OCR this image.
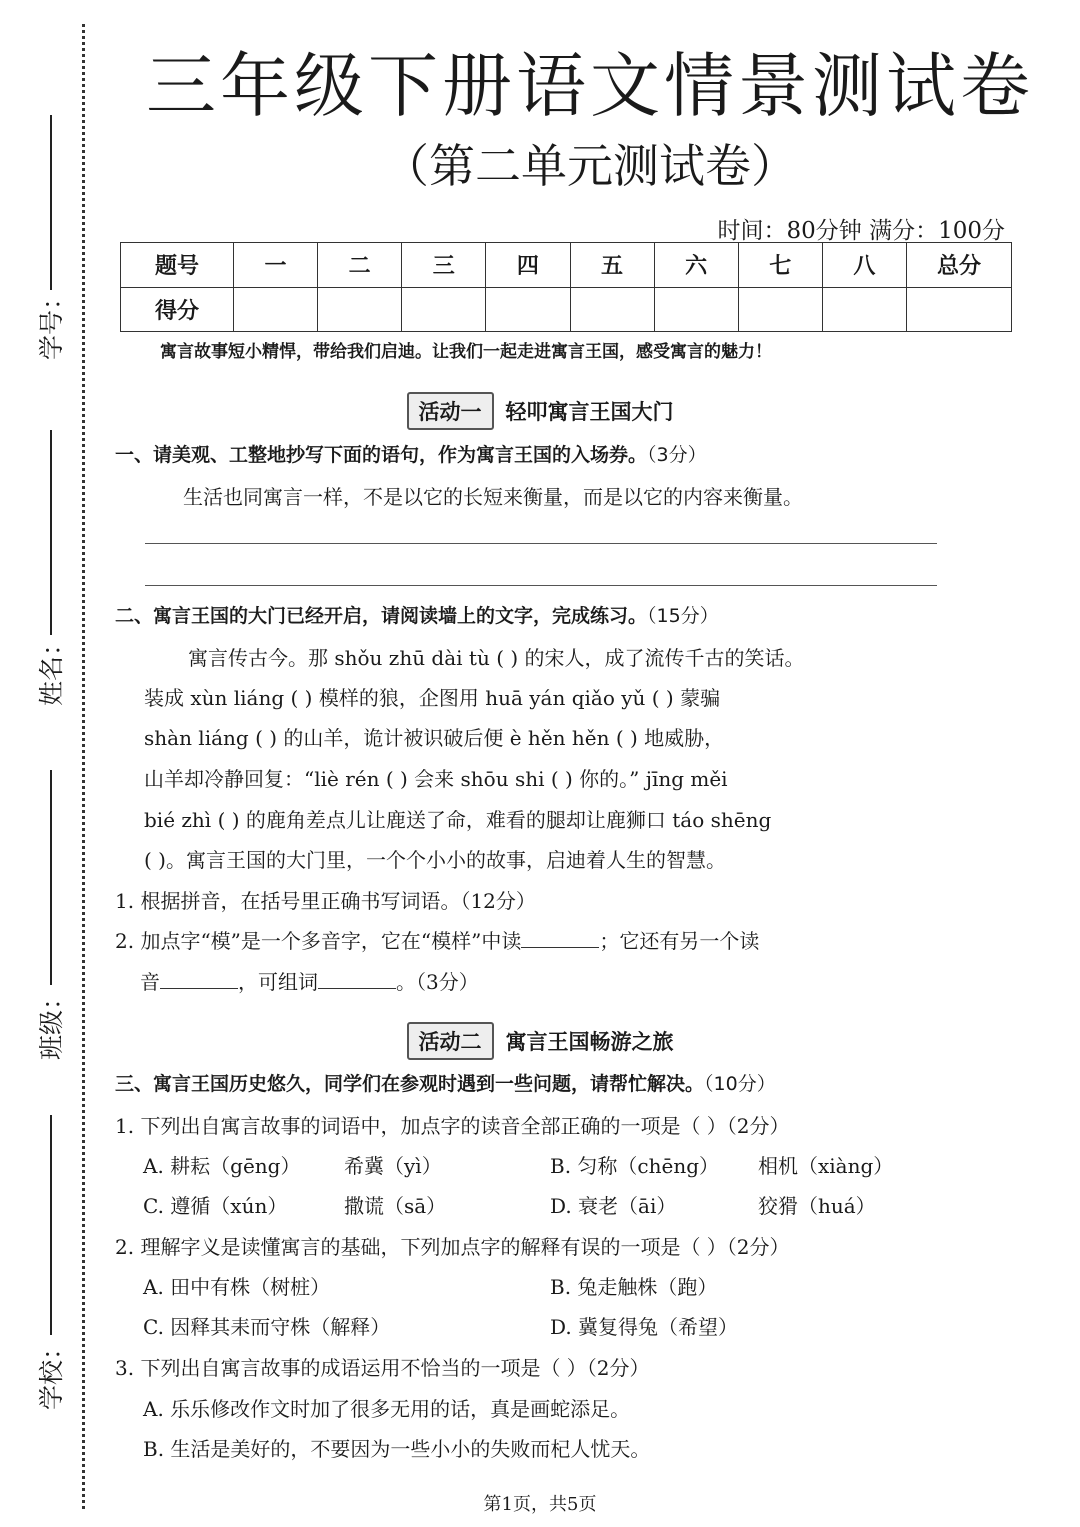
学号：
姓名：
班级：
学校：
三年级下册语文情景测试卷
（第二单元测试卷）
时间：80分钟 满分：100分
题号	一	二	三	四	五	六	七	八	总分
得分									
寓言故事短小精悍，带给我们启迪。让我们一起走进寓言王国，感受寓言的魅力！
活动一 轻叩寓言王国大门
一、请美观、工整地抄写下面的语句，作为寓言王国的入场券。（3分）
生活也同寓言一样，不是以它的长短来衡量，而是以它的内容来衡量。
二、寓言王国的大门已经开启，请阅读墙上的文字，完成练习。（15分）
寓言传古今。那 shǒu zhū dài tù ( ) 的宋人，成了流传千古的笑话。
装成 xùn liáng ( ) 模样的狼，企图用 huā yán qiǎo yǔ ( ) 蒙骗
shàn liáng ( ) 的山羊，诡计被识破后便 è hěn hěn ( ) 地威胁，
山羊却冷静回复：“liè rén ( ) 会来 shōu shi ( ) 你的。” jīng měi
bié zhì ( ) 的鹿角差点儿让鹿送了命，难看的腿却让鹿狮口 táo shēng
( )。寓言王国的大门里，一个个小小的故事，启迪着人生的智慧。
1. 根据拼音，在括号里正确书写词语。（12分）
2. 加点字“模”是一个多音字，它在“模样”中读	；它还有另一个读
音	，可组词	。（3分）
活动二 寓言王国畅游之旅
三、寓言王国历史悠久，同学们在参观时遇到一些问题，请帮忙解决。（10分）
1. 下列出自寓言故事的词语中，加点字的读音全部正确的一项是（ ）（2分）
A. 耕耘（gēng） 希冀（yì）	B. 匀称（chēng） 相机（xiàng）
C. 遵循（xún）	撒谎（sā）	D. 衰老（āi）	狡猾（huá）
2. 理解字义是读懂寓言的基础，下列加点字的解释有误的一项是（ ）（2分）
A. 田中有株（树桩）	B. 兔走触株（跑）
C. 因释其耒而守株（解释）	D. 冀复得兔（希望）
3. 下列出自寓言故事的成语运用不恰当的一项是（ ）（2分）
A. 乐乐修改作文时加了很多无用的话，真是画蛇添足。
B. 生活是美好的，不要因为一些小小的失败而杞人忧天。
第1页，共5页
